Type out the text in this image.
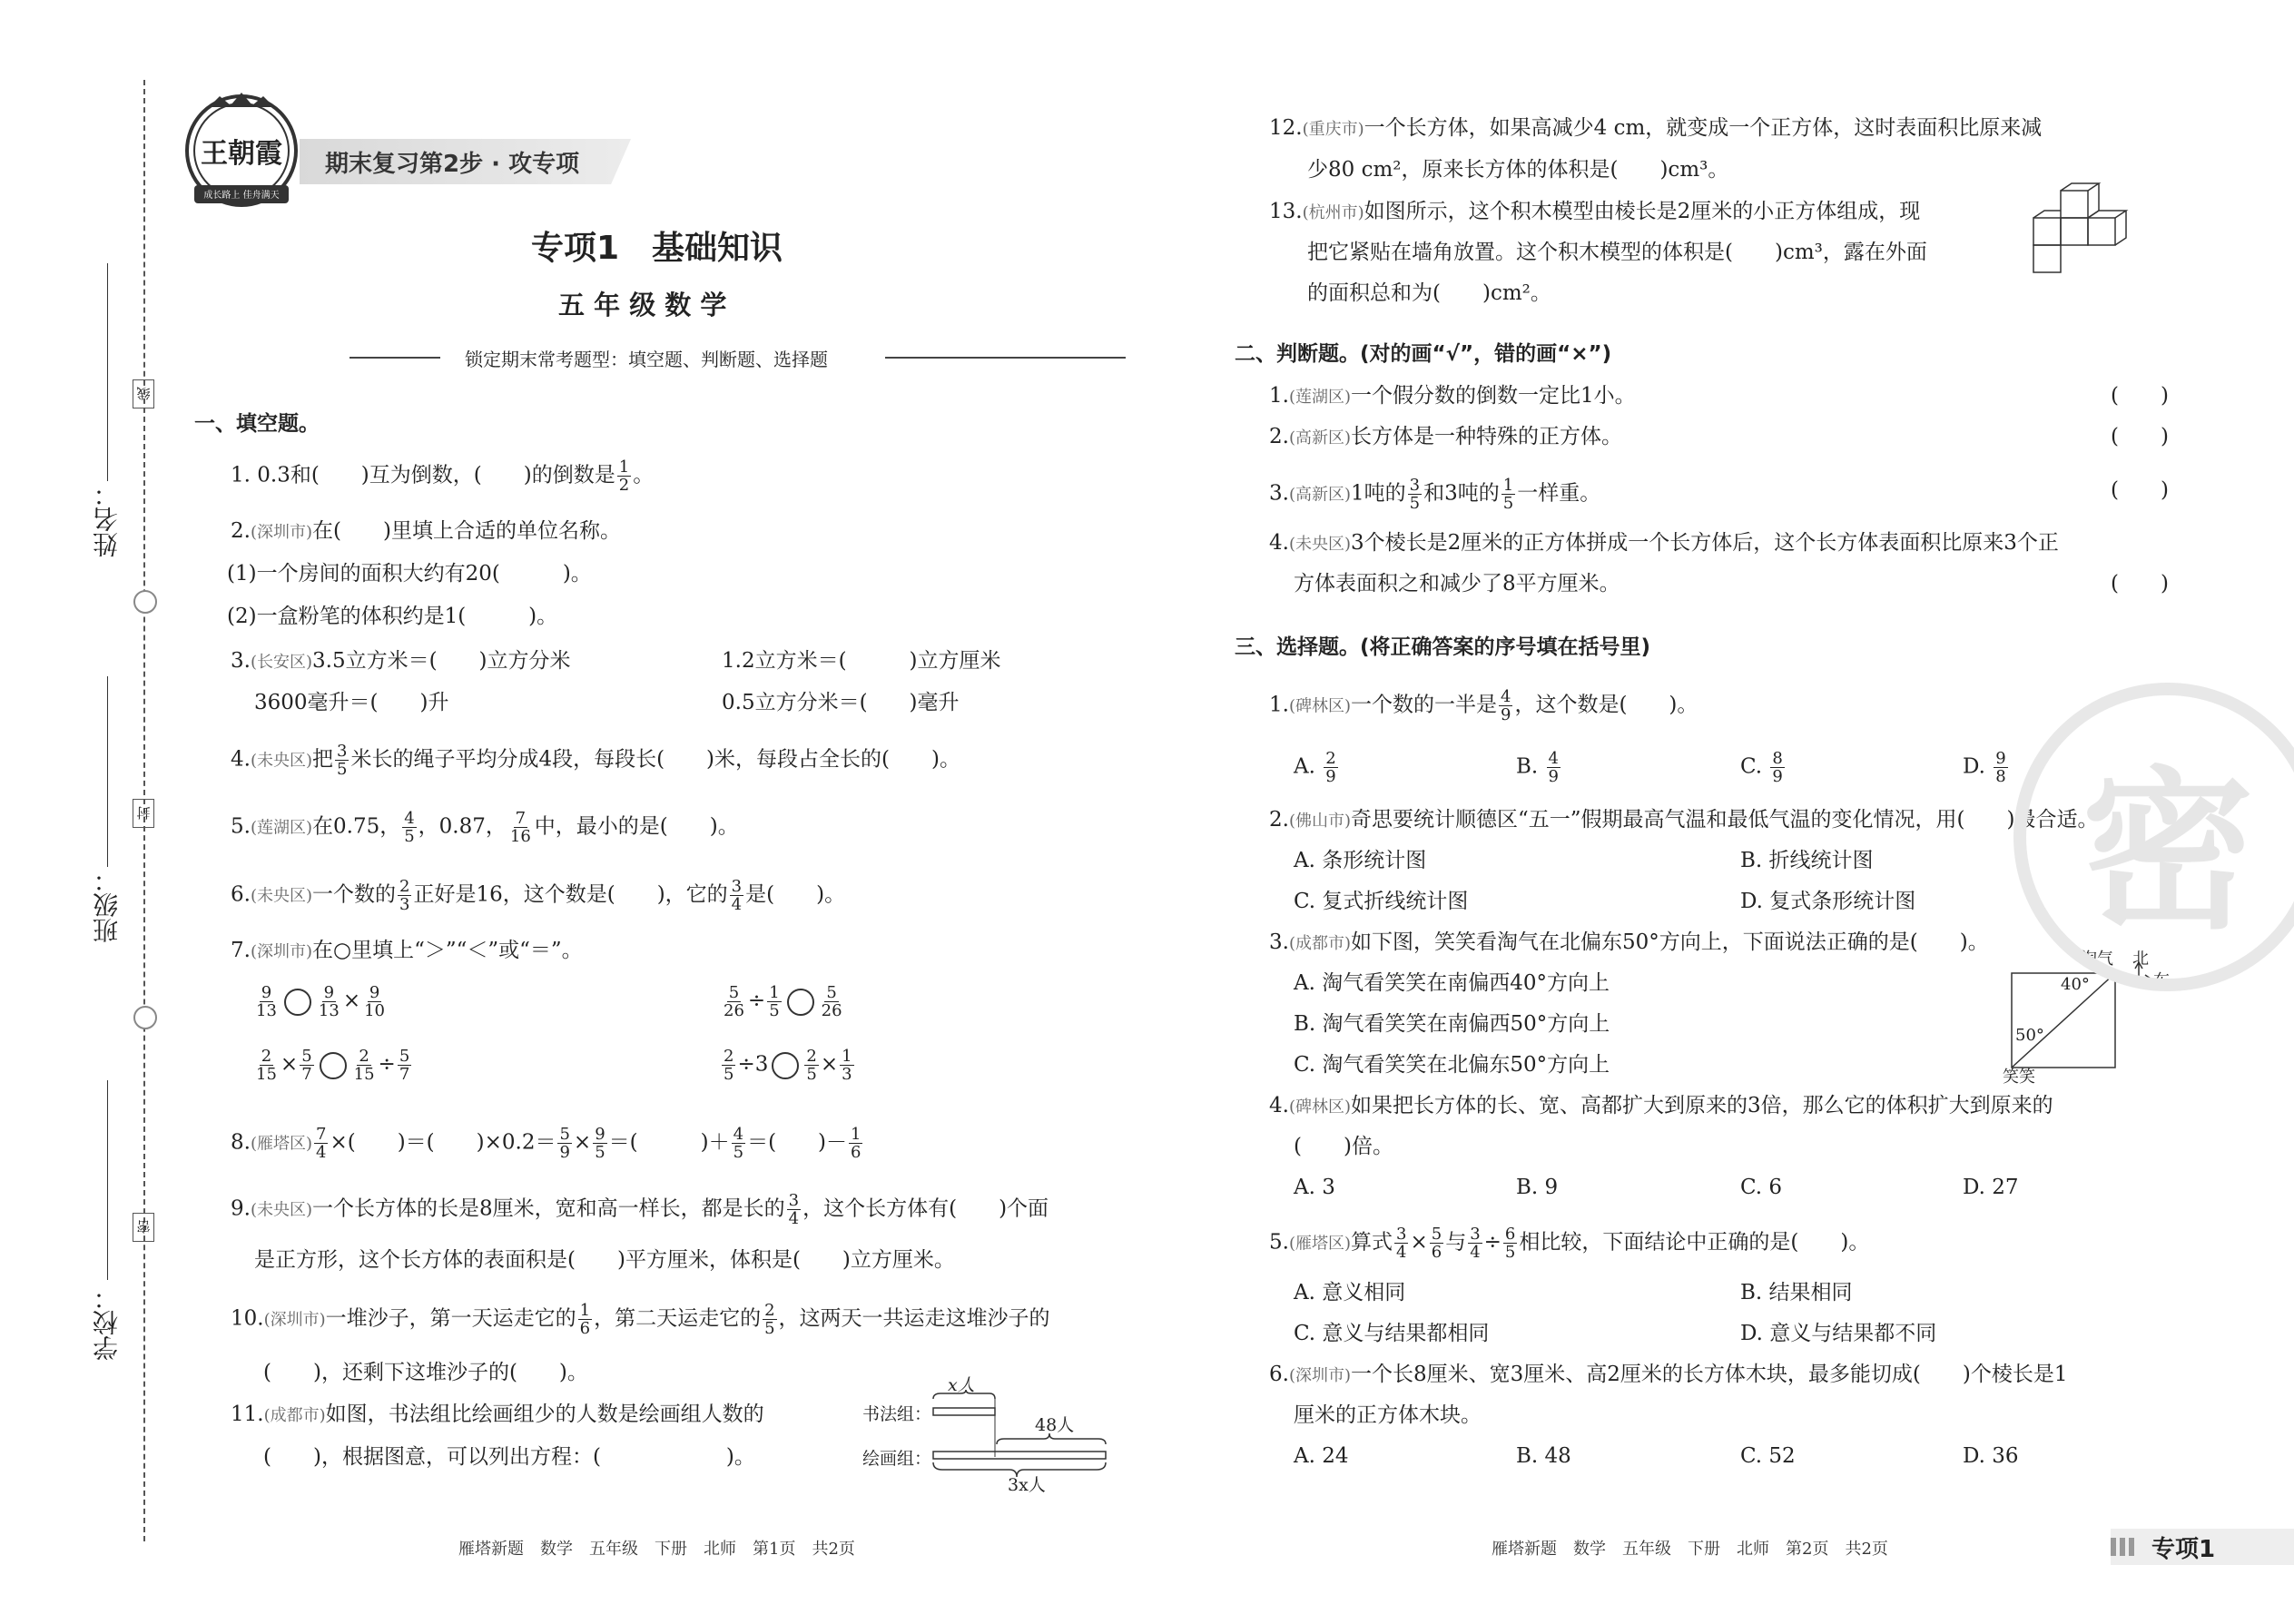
姓名：
班级：
学校：
线
封
密
王朝霞
成长路上 佳舟满天
期末复习第2步 · 攻专项
专项1　基础知识
五 年 级 数 学
锁定期末常考题型：填空题、判断题、选择题
一、填空题。
1. 0.3和(　　)互为倒数，(　　)的倒数是 $\frac{1}{2}$ 。
2.(深圳市)在(　　)里填上合适的单位名称。
(1)一个房间的面积大约有20(　　　)。
(2)一盒粉笔的体积约是1(　　　)。
3.(长安区)3.5立方米＝(　　)立方分米	1.2立方米＝(　　　)立方厘米
3600毫升＝(　　)升	0.5立方分米＝(　　)毫升
4.(未央区)把 $\frac{3}{5}$ 米长的绳子平均分成4段，每段长(　　)米，每段占全长的(　　)。
5.(莲湖区)在0.75， $\frac{4}{5}$ ，0.87， $\frac{7}{16}$ 中，最小的是(　　)。
6.(未央区)一个数的 $\frac{2}{3}$ 正好是16，这个数是(　　)，它的 $\frac{3}{4}$ 是(　　)。
7.(深圳市)在○里填上“＞”“＜”或“＝”。
$\frac{9}{13} \frac{9}{13} \times \frac{9}{10}$	$\frac{5}{26} \div \frac{1}{5} \frac{5}{26}$
$\frac{2}{15} \times \frac{5}{7} \frac{2}{15} \div \frac{5}{7}$	$\frac{2}{5} \div 3 \frac{2}{5} \times \frac{1}{3}$
8.(雁塔区) $\frac{7}{4}$ ×(　　)＝(　　)$\times 0.2= \frac{5}{9} \times \frac{9}{5}$ ＝(　　　)＋ $\frac{4}{5}$ ＝(　　)－ $\frac{1}{6}$
9.(未央区)一个长方体的长是8厘米，宽和高一样长，都是长的 $\frac{3}{4}$ ，这个长方体有(　　)个面
是正方形，这个长方体的表面积是(　　)平方厘米，体积是(　　)立方厘米。
10.(深圳市)一堆沙子，第一天运走它的 $\frac{1}{6}$ ，第二天运走它的 $\frac{2}{5}$ ，这两天一共运走这堆沙子的
(　　)，还剩下这堆沙子的(　　)。
11.(成都市)如图，书法组比绘画组少的人数是绘画组人数的
(　　)，根据图意，可以列出方程：(　　　　　　)。
书法组：
绘画组：
x人
48人
3x人
12.(重庆市)一个长方体，如果高减少4 cm，就变成一个正方体，这时表面积比原来减
少80 cm²，原来长方体的体积是(　　)cm³。
13.(杭州市)如图所示，这个积木模型由棱长是2厘米的小正方体组成，现
把它紧贴在墙角放置。这个积木模型的体积是(　　)cm³，露在外面
的面积总和为(　　)cm²。
二、判断题。(对的画“√”，错的画“×”)
1.(莲湖区)一个假分数的倒数一定比1小。	(　　)
2.(高新区)长方体是一种特殊的正方体。	(　　)
3.(高新区)1吨的 $\frac{3}{5}$ 和3吨的 $\frac{1}{5}$ 一样重。	(　　)
4.(未央区)3个棱长是2厘米的正方体拼成一个长方体后，这个长方体表面积比原来3个正
方体表面积之和减少了8平方厘米。	(　　)
三、选择题。(将正确答案的序号填在括号里)
1.(碑林区)一个数的一半是 $\frac{4}{9}$ ，这个数是(　　)。
A. $\frac{2}{9}$	B. $\frac{4}{9}$	C. $\frac{8}{9}$	D. $\frac{9}{8}$
2.(佛山市)奇思要统计顺德区“五一”假期最高气温和最低气温的变化情况，用(　　)最合适。
A. 条形统计图	B. 折线统计图
C. 复式折线统计图	D. 复式条形统计图
3.(成都市)如下图，笑笑看淘气在北偏东50°方向上，下面说法正确的是(　　)。
A. 淘气看笑笑在南偏西40°方向上
B. 淘气看笑笑在南偏西50°方向上
C. 淘气看笑笑在北偏东50°方向上
淘气 北
东
40°
50°
笑笑
4.(碑林区)如果把长方体的长、宽、高都扩大到原来的3倍，那么它的体积扩大到原来的
(　　)倍。
A. 3	B. 9	C. 6	D. 27
5.(雁塔区)算式 $\frac{3}{4} \times \frac{5}{6}$ 与 $\frac{3}{4} \div \frac{6}{5}$ 相比较，下面结论中正确的是(　　)。
A. 意义相同	B. 结果相同
C. 意义与结果都相同	D. 意义与结果都不同
6.(深圳市)一个长8厘米、宽3厘米、高2厘米的长方体木块，最多能切成(　　)个棱长是1
厘米的正方体木块。
A. 24	B. 48	C. 52	D. 36
密
雁塔新题　数学　五年级　下册　北师　第1页　共2页	雁塔新题　数学　五年级　下册　北师　第2页　共2页	专项1
